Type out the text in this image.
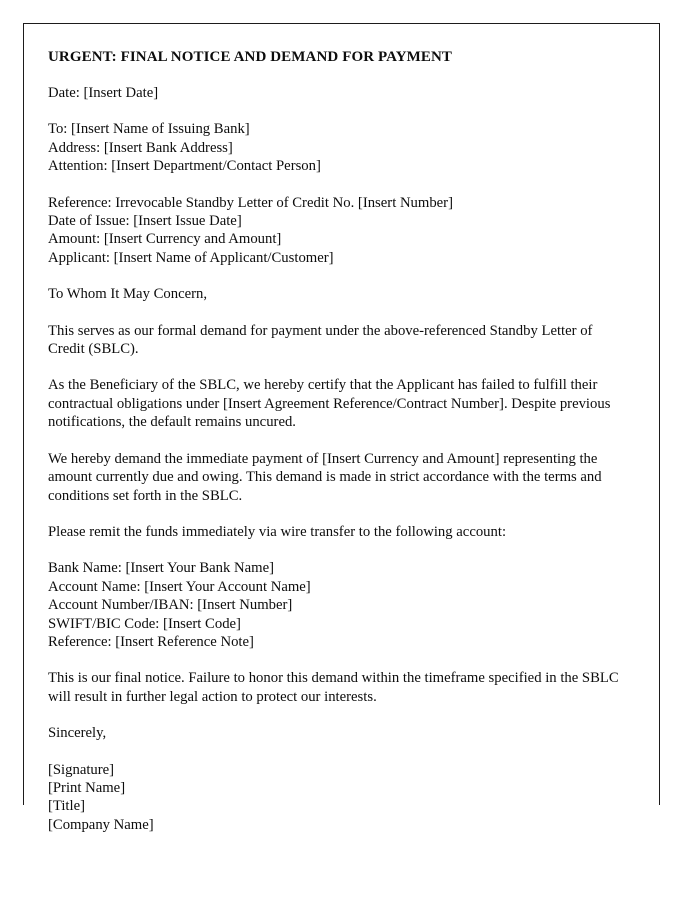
URGENT: FINAL NOTICE AND DEMAND FOR PAYMENT
Date: [Insert Date]
To: [Insert Name of Issuing Bank]
Address: [Insert Bank Address]
Attention: [Insert Department/Contact Person]
Reference: Irrevocable Standby Letter of Credit No. [Insert Number]
Date of Issue: [Insert Issue Date]
Amount: [Insert Currency and Amount]
Applicant: [Insert Name of Applicant/Customer]
To Whom It May Concern,

This serves as our formal demand for payment under the above-referenced Standby Letter of Credit (SBLC).

As the Beneficiary of the SBLC, we hereby certify that the Applicant has failed to fulfill their contractual obligations under [Insert Agreement Reference/Contract Number]. Despite previous notifications, the default remains uncured.

We hereby demand the immediate payment of [Insert Currency and Amount] representing the amount currently due and owing. This demand is made in strict accordance with the terms and conditions set forth in the SBLC.

Please remit the funds immediately via wire transfer to the following account:

Bank Name: [Insert Your Bank Name]
Account Name: [Insert Your Account Name]
Account Number/IBAN: [Insert Number]
SWIFT/BIC Code: [Insert Code]
Reference: [Insert Reference Note]

This is our final notice. Failure to honor this demand within the timeframe specified in the SBLC will result in further legal action to protect our interests.

Sincerely,
[Signature]
[Print Name]
[Title]
[Company Name]
